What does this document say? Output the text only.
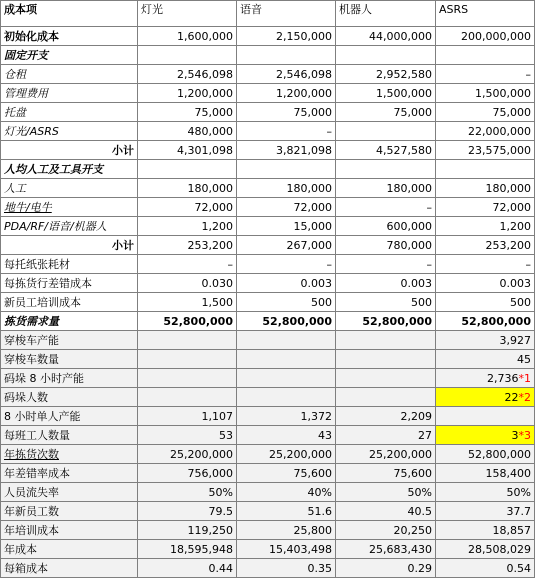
成本项	灯光	语音	机器人	ASRS
初始化成本	1,600,000	2,150,000	44,000,000	200,000,000
固定开支				
仓租	2,546,098	2,546,098	2,952,580	–
管理费用	1,200,000	1,200,000	1,500,000	1,500,000
托盘	75,000	75,000	75,000	75,000
灯光/ASRS	480,000	–		22,000,000
小计	4,301,098	3,821,098	4,527,580	23,575,000
人均人工及工具开支				
人工	180,000	180,000	180,000	180,000
地牛/电牛	72,000	72,000	–	72,000
PDA/RF/语音/机器人	1,200	15,000	600,000	1,200
小计	253,200	267,000	780,000	253,200
每托纸张耗材	–	–	–	–
每拣货行差错成本	0.030	0.003	0.003	0.003
新员工培训成本	1,500	500	500	500
拣货需求量	52,800,000	52,800,000	52,800,000	52,800,000
穿梭车产能				3,927
穿梭车数量				45
码垛 8 小时产能				2,736*1
码垛人数				22*2
8 小时单人产能	1,107	1,372	2,209	
每班工人数量	53	43	27	3*3
年拣货次数	25,200,000	25,200,000	25,200,000	52,800,000
年差错率成本	756,000	75,600	75,600	158,400
人员流失率	50%	40%	50%	50%
年新员工数	79.5	51.6	40.5	37.7
年培训成本	119,250	25,800	20,250	18,857
年成本	18,595,948	15,403,498	25,683,430	28,508,029
每箱成本	0.44	0.35	0.29	0.54
